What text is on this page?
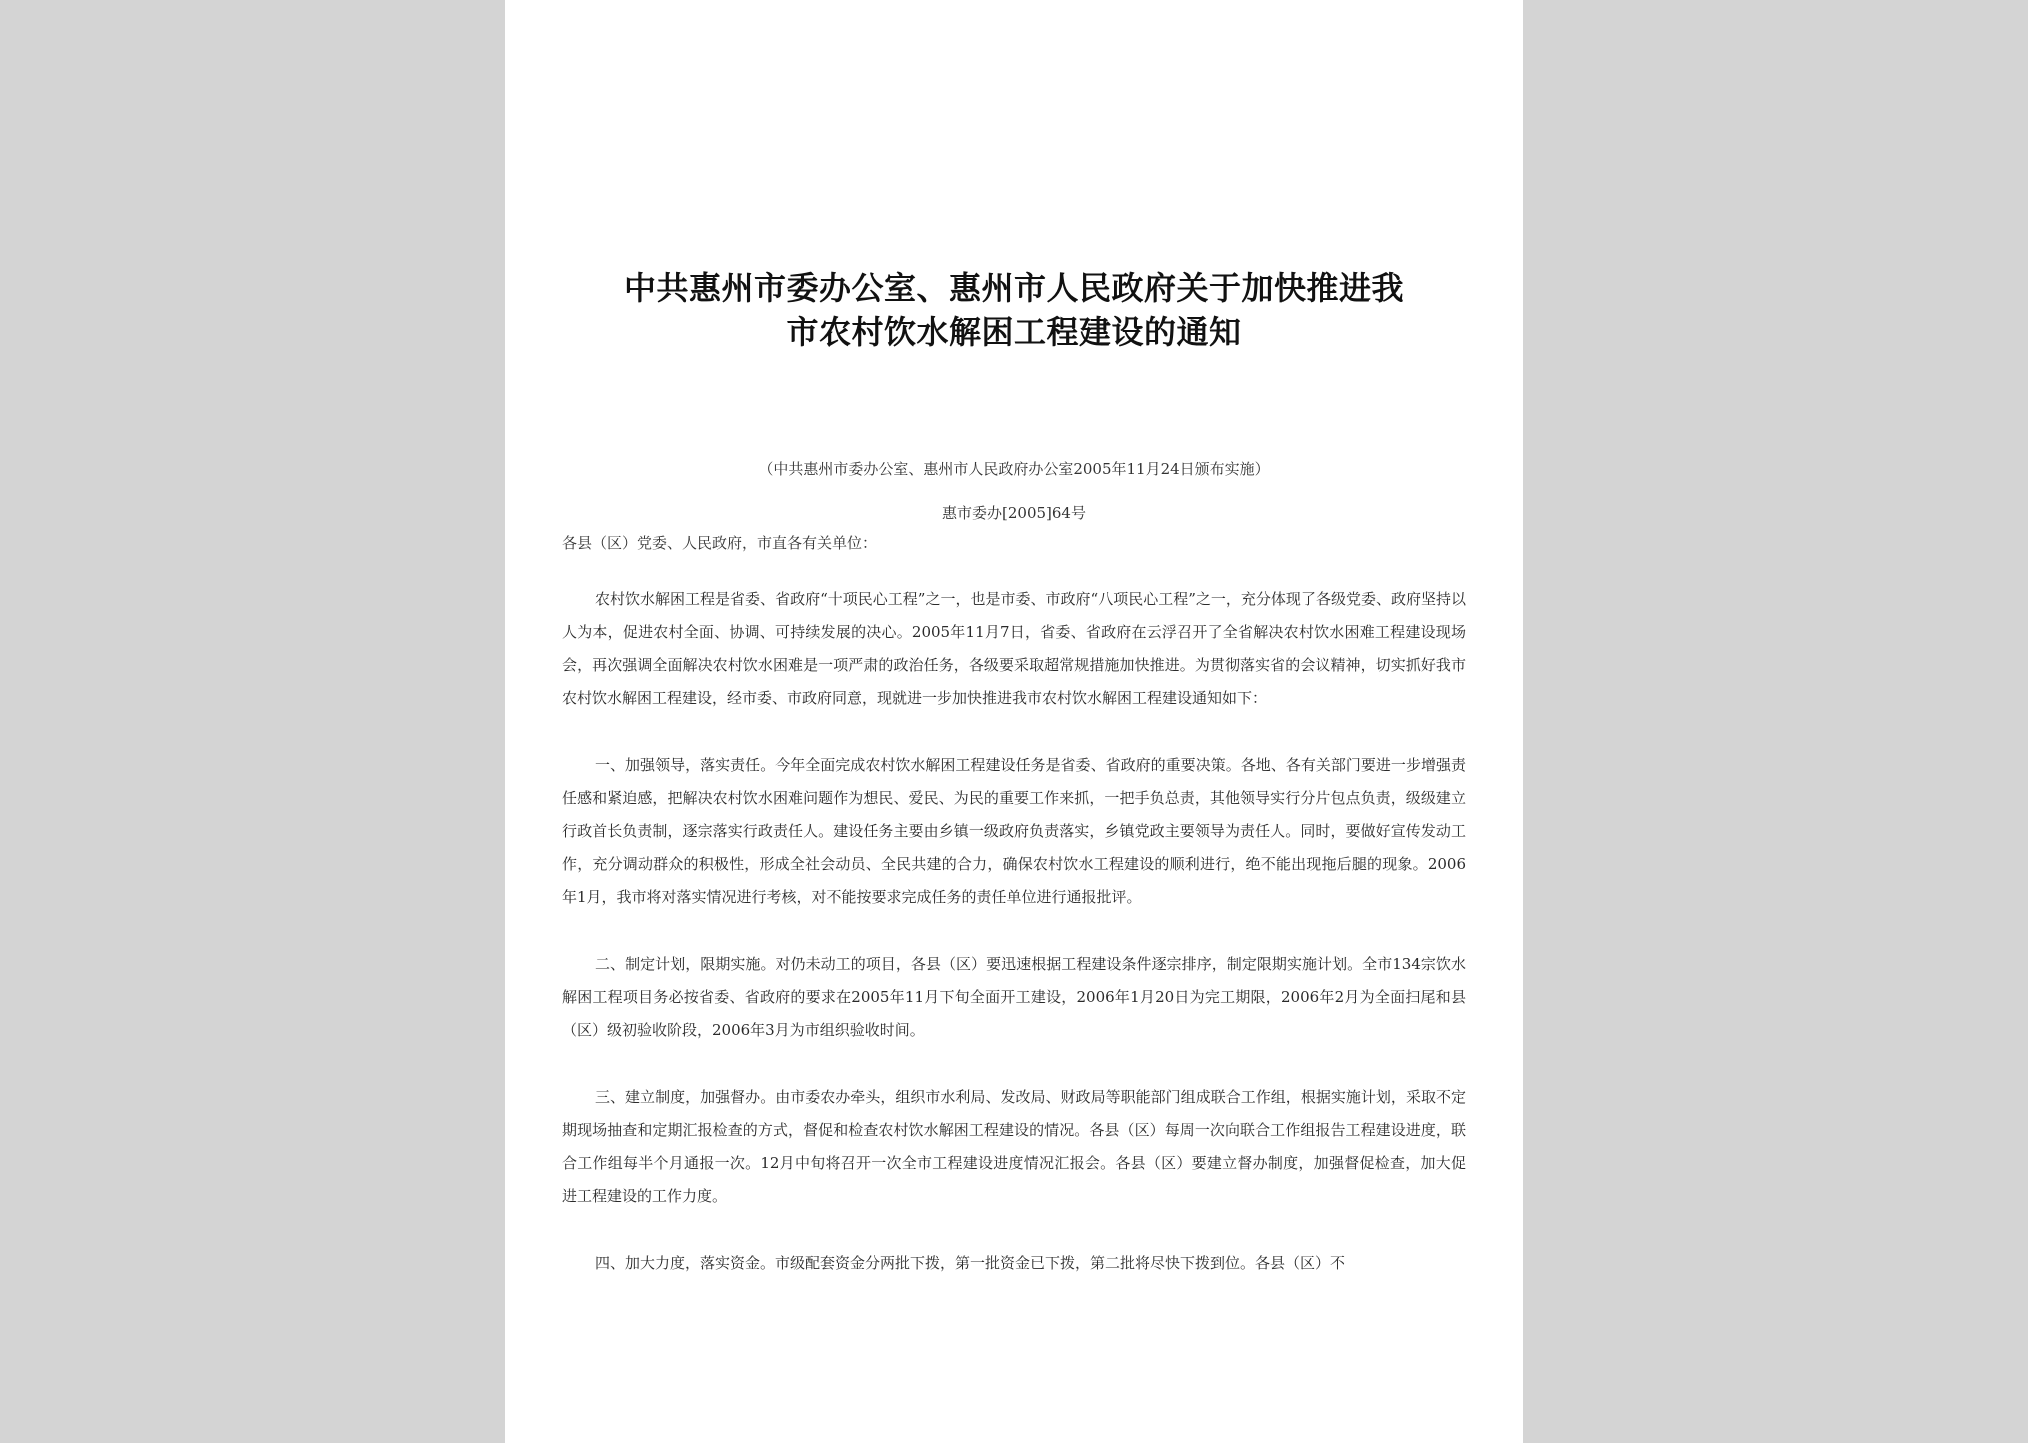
中共惠州市委办公室、惠州市人民政府关于加快推进我
市农村饮水解困工程建设的通知

（中共惠州市委办公室、惠州市人民政府办公室2005年11月24日颁布实施）

惠市委办[2005]64号

各县（区）党委、人民政府，市直各有关单位：

农村饮水解困工程是省委、省政府“十项民心工程”之一，也是市委、市政府“八项民心工程”之一，充分体现了各级党委、政府坚持以人为本，促进农村全面、协调、可持续发展的决心。2005年11月7日，省委、省政府在云浮召开了全省解决农村饮水困难工程建设现场会，再次强调全面解决农村饮水困难是一项严肃的政治任务，各级要采取超常规措施加快推进。为贯彻落实省的会议精神，切实抓好我市农村饮水解困工程建设，经市委、市政府同意，现就进一步加快推进我市农村饮水解困工程建设通知如下：

一、加强领导，落实责任。今年全面完成农村饮水解困工程建设任务是省委、省政府的重要决策。各地、各有关部门要进一步增强责任感和紧迫感，把解决农村饮水困难问题作为想民、爱民、为民的重要工作来抓，一把手负总责，其他领导实行分片包点负责，级级建立行政首长负责制，逐宗落实行政责任人。建设任务主要由乡镇一级政府负责落实，乡镇党政主要领导为责任人。同时，要做好宣传发动工作，充分调动群众的积极性，形成全社会动员、全民共建的合力，确保农村饮水工程建设的顺利进行，绝不能出现拖后腿的现象。2006年1月，我市将对落实情况进行考核，对不能按要求完成任务的责任单位进行通报批评。

二、制定计划，限期实施。对仍未动工的项目，各县（区）要迅速根据工程建设条件逐宗排序，制定限期实施计划。全市134宗饮水解困工程项目务必按省委、省政府的要求在2005年11月下旬全面开工建设，2006年1月20日为完工期限，2006年2月为全面扫尾和县（区）级初验收阶段，2006年3月为市组织验收时间。

三、建立制度，加强督办。由市委农办牵头，组织市水利局、发改局、财政局等职能部门组成联合工作组，根据实施计划，采取不定期现场抽查和定期汇报检查的方式，督促和检查农村饮水解困工程建设的情况。各县（区）每周一次向联合工作组报告工程建设进度，联合工作组每半个月通报一次。12月中旬将召开一次全市工程建设进度情况汇报会。各县（区）要建立督办制度，加强督促检查，加大促进工程建设的工作力度。

四、加大力度，落实资金。市级配套资金分两批下拨，第一批资金已下拨，第二批将尽快下拨到位。各县（区）不
